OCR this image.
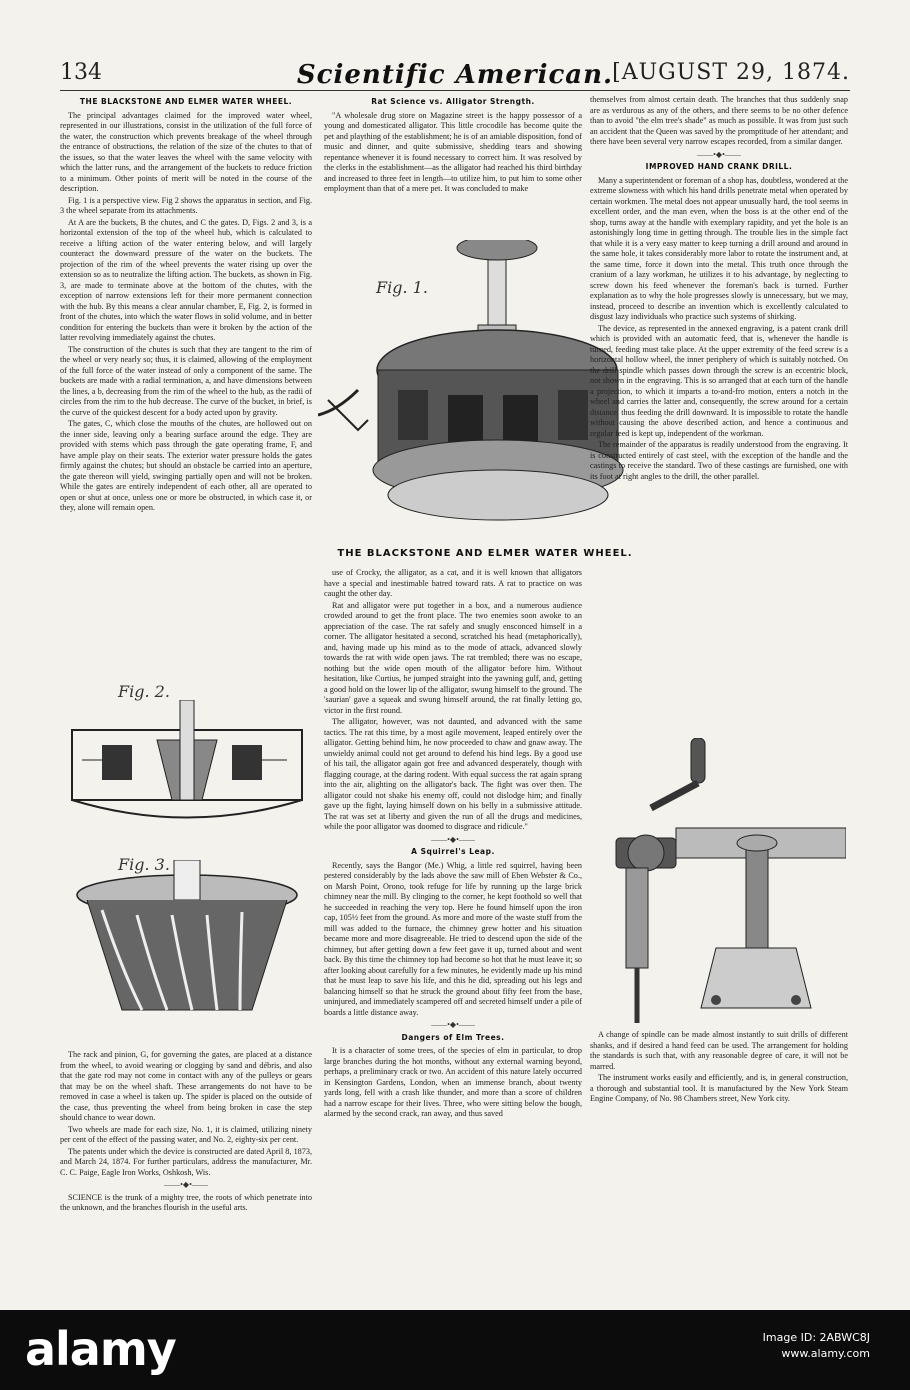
134	Scientific American. [AUGUST 29, 1874.
THE BLACKSTONE AND ELMER WATER WHEEL.

The principal advantages claimed for the improved water wheel, represented in our illustrations, consist in the utilization of the full force of the water, the construction which prevents breakage of the wheel through the entrance of obstructions, the relation of the size of the chutes to that of the issues, so that the water leaves the wheel with the same velocity with which the latter runs, and the arrangement of the buckets to reduce friction to a minimum. Other points of merit will be noted in the course of the description.

Fig. 1 is a perspective view. Fig 2 shows the apparatus in section, and Fig. 3 the wheel separate from its attachments.

At A are the buckets, B the chutes, and C the gates. D, Figs. 2 and 3, is a horizontal extension of the top of the wheel hub, which is calculated to receive a lifting action of the water entering below, and will largely counteract the downward pressure of the water on the buckets. The projection of the rim of the wheel prevents the water rising up over the extension so as to neutralize the lifting action. The buckets, as shown in Fig. 3, are made to terminate above at the bottom of the chutes, with the exception of narrow extensions left for their more permanent connection with the hub. By this means a clear annular chamber, E, Fig. 2, is formed in front of the chutes, into which the water flows in solid volume, and in better condition for entering the buckets than were it broken by the action of the latter revolving immediately against the chutes.

The construction of the chutes is such that they are tangent to the rim of the wheel or very nearly so; thus, it is claimed, allowing of the employment of the full force of the water instead of only a component of the same. The buckets are made with a radial termination, a, and have dimensions between the lines, a b, decreasing from the rim of the wheel to the hub, as the radii of circles from the rim to the hub decrease. The curve of the bucket, in brief, is the curve of the quickest descent for a body acted upon by gravity.

The gates, C, which close the mouths of the chutes, are hollowed out on the inner side, leaving only a bearing surface around the edge. They are provided with stems which pass through the gate operating frame, F, and have ample play on their seats. The exterior water pressure holds the gates firmly against the chutes; but should an obstacle be carried into an aperture, the gate thereon will yield, swinging partially open and will not be broken. While the gates are entirely independent of each other, all are operated to open or shut at once, unless one or more be obstructed, in which case it, or they, alone will remain open.

Fig. 2.
Fig. 3.

The rack and pinion, G, for governing the gates, are placed at a distance from the wheel, to avoid wearing or clogging by sand and débris, and also that the gate rod may not come in contact with any of the pulleys or gears that may be on the wheel shaft. These arrangements do not have to be removed in case a wheel is taken up. The spider is placed on the outside of the case, thus preventing the wheel from being broken in case the step should chance to wear down.

Two wheels are made for each size, No. 1, it is claimed, utilizing ninety per cent of the effect of the passing water, and No. 2, eighty-six per cent.

The patents under which the device is constructed are dated April 8, 1873, and March 24, 1874. For further particulars, address the manufacturer, Mr. C. C. Paige, Eagle Iron Works, Oshkosh, Wis.

——•◆•——

SCIENCE is the trunk of a mighty tree, the roots of which penetrate into the unknown, and the branches flourish in the useful arts.

Rat Science vs. Alligator Strength.

"A wholesale drug store on Magazine street is the happy possessor of a young and domesticated alligator. This little crocodile has become quite the pet and plaything of the establishment; he is of an amiable disposition, fond of music and dinner, and quite submissive, shedding tears and showing repentance whenever it is found necessary to correct him. It was resolved by the clerks in the establishment—as the alligator had reached his third birthday and increased to three feet in length—to utilize him, to put him to some other employment than that of a mere pet. It was concluded to make

Fig. 1.
THE BLACKSTONE AND ELMER WATER WHEEL.

use of Crocky, the alligator, as a cat, and it is well known that alligators have a special and inestimable hatred toward rats. A rat to practice on was caught the other day.

Rat and alligator were put together in a box, and a numerous audience crowded around to get the front place. The two enemies soon awoke to an appreciation of the case. The rat safely and snugly ensconced himself in a corner. The alligator hesitated a second, scratched his head (metaphorically), and, having made up his mind as to the mode of attack, advanced slowly towards the rat with wide open jaws. The rat trembled; there was no escape, nothing but the wide open mouth of the alligator before him. Without hesitation, like Curtius, he jumped straight into the yawning gulf, and, getting a good hold on the lower lip of the alligator, swung himself to the ground. The 'saurian' gave a squeak and swung himself around, the rat finally letting go, victor in the first round.

The alligator, however, was not daunted, and advanced with the same tactics. The rat this time, by a most agile movement, leaped entirely over the alligator. Getting behind him, he now proceeded to chaw and gnaw away. The unwieldy animal could not get around to defend his hind legs. By a good use of his tail, the alligator again got free and advanced desperately, though with flagging courage, at the daring rodent. With equal success the rat again sprang into the air, alighting on the alligator's back. The fight was over then. The alligator could not shake his enemy off, could not dislodge him; and finally gave up the fight, laying himself down on his belly in a submissive attitude. The rat was set at liberty and given the run of all the drugs and medicines, while the poor alligator was doomed to disgrace and ridicule."

——•◆•——
A Squirrel's Leap.

Recently, says the Bangor (Me.) Whig, a little red squirrel, having been pestered considerably by the lads above the saw mill of Eben Webster & Co., on Marsh Point, Orono, took refuge for life by running up the large brick chimney near the mill. By clinging to the corner, he kept foothold so well that he succeeded in reaching the very top. Here he found himself upon the iron cap, 105½ feet from the ground. As more and more of the waste stuff from the mill was added to the furnace, the chimney grew hotter and his situation became more and more disagreeable. He tried to descend upon the side of the chimney, but after getting down a few feet gave it up, turned about and went back. By this time the chimney top had become so hot that he must leave it; so after looking about carefully for a few minutes, he evidently made up his mind that he must leap to save his life, and this he did, spreading out his legs and balancing himself so that he struck the ground about fifty feet from the base, uninjured, and immediately scampered off and secreted himself under a pile of boards a little distance away.

——•◆•——
Dangers of Elm Trees.

It is a character of some trees, of the species of elm in particular, to drop large branches during the hot months, without any external warning beyond, perhaps, a preliminary crack or two. An accident of this nature lately occurred in Kensington Gardens, London, when an immense branch, about twenty yards long, fell with a crash like thunder, and more than a score of children had a narrow escape for their lives. Three, who were sitting below the bough, alarmed by the second crack, ran away, and thus saved

themselves from almost certain death. The branches that thus suddenly snap are as verdurous as any of the others, and there seems to be no other defence than to avoid "the elm tree's shade" as much as possible. It was from just such an accident that the Queen was saved by the promptitude of her attendant; and there have been several very narrow escapes recorded, from a similar danger.

——•◆•——
IMPROVED HAND CRANK DRILL.

Many a superintendent or foreman of a shop has, doubtless, wondered at the extreme slowness with which his hand drills penetrate metal when operated by certain workmen. The metal does not appear unusually hard, the tool seems in excellent order, and the man even, when the boss is at the other end of the shop, turns away at the handle with exemplary rapidity, and yet the hole is an astonishingly long time in getting through. The trouble lies in the simple fact that while it is a very easy matter to keep turning a drill around and around in the same hole, it takes considerably more labor to rotate the instrument and, at the same time, force it down into the metal. This truth once through the cranium of a lazy workman, he utilizes it to his advantage, by neglecting to screw down his feed whenever the foreman's back is turned. Further explanation as to why the hole progresses slowly is unnecessary, but we may, instead, proceed to describe an invention which is excellently calculated to disgust lazy individuals who practice such systems of shirking.

The device, as represented in the annexed engraving, is a patent crank drill which is provided with an automatic feed, that is, whenever the handle is turned, feeding must take place. At the upper extremity of the feed screw is a horizontal hollow wheel, the inner periphery of which is suitably notched. On the drill spindle which passes down through the screw is an eccentric block, not shown in the engraving. This is so arranged that at each turn of the handle a projection, to which it imparts a to-and-fro motion, enters a notch in the wheel and carries the latter and, consequently, the screw around for a certain distance, thus feeding the drill downward. It is impossible to rotate the handle without causing the above described action, and hence a continuous and regular feed is kept up, independent of the workman.

The remainder of the apparatus is readily understood from the engraving. It is constructed entirely of cast steel, with the exception of the handle and the castings to receive the standard. Two of these castings are furnished, one with its foot at right angles to the drill, the other parallel.

A change of spindle can be made almost instantly to suit drills of different shanks, and if desired a hand feed can be used. The arrangement for holding the standards is such that, with any reasonable degree of care, it will not be marred.

The instrument works easily and efficiently, and is, in general construction, a thorough and substantial tool. It is manufactured by the New York Steam Engine Company, of No. 98 Chambers street, New York city.

alamy	Image ID: 2ABWC8J
www.alamy.com
